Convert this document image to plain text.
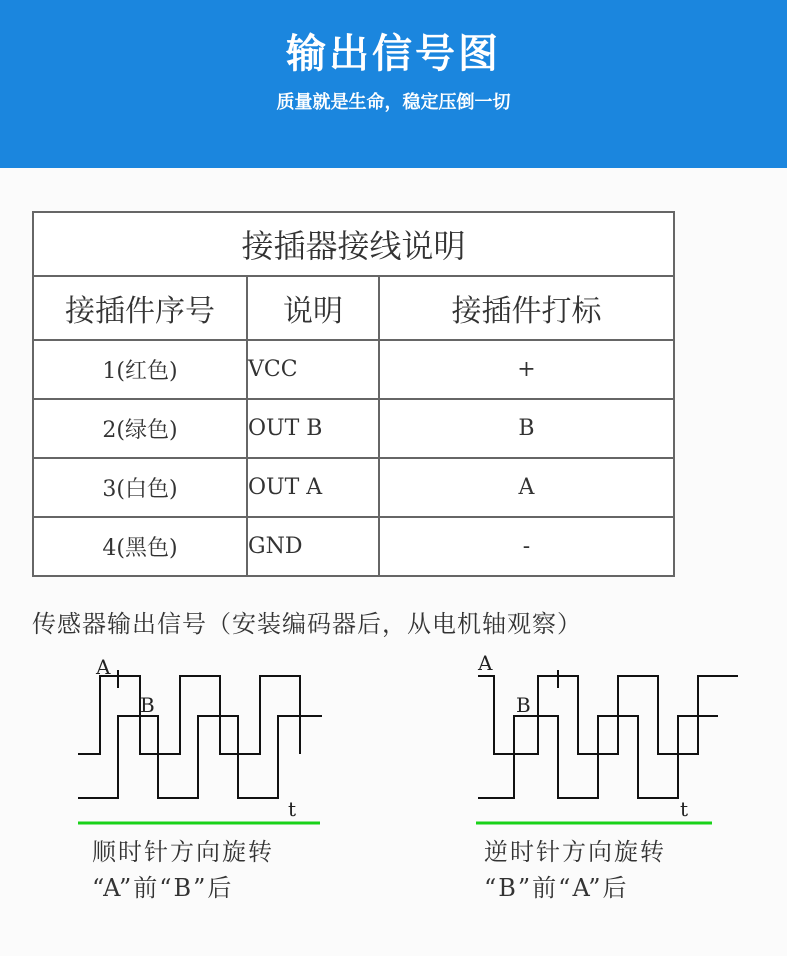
输出信号图
质量就是生命，稳定压倒一切
接插器接线说明		
接插件序号	说明	接插件打标
1(红色)	VCC	+
2(绿色)	OUT B	B
3(白色)	OUT A	A
4(黑色)	GND	-
传感器输出信号（安装编码器后，从电机轴观察）
A
B
t
顺时针方向旋转
“A”前“B”后
A
B
t
逆时针方向旋转
“B”前“A”后
